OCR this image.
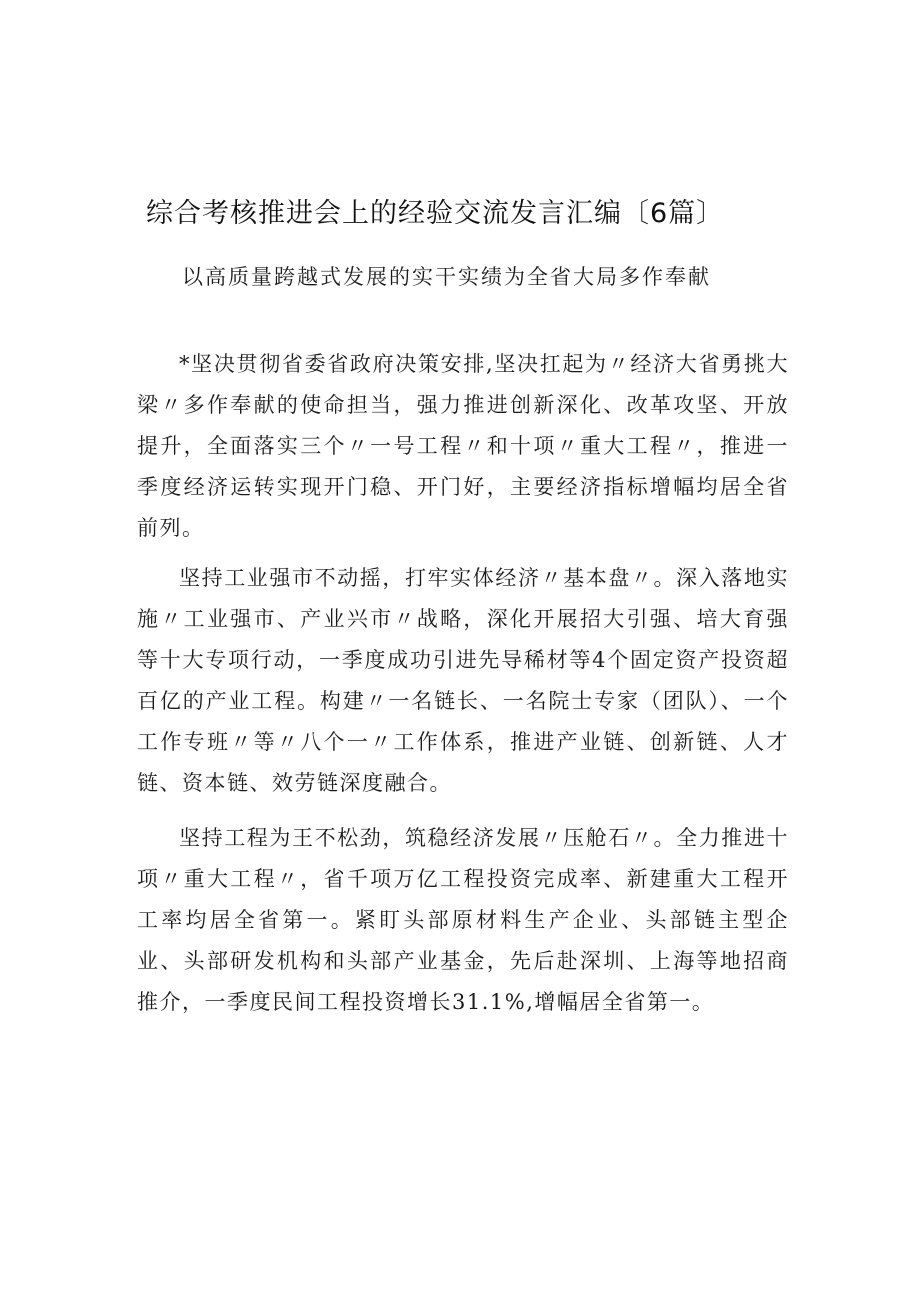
综合考核推进会上的经验交流发言汇编〔6篇〕
以高质量跨越式发展的实干实绩为全省大局多作奉献

*坚决贯彻省委省政府决策安排,坚决扛起为〃经济大省勇挑大梁〃多作奉献的使命担当，强力推进创新深化、改革攻坚、开放提升，全面落实三个〃一号工程〃和十项〃重大工程〃，推进一季度经济运转实现开门稳、开门好，主要经济指标增幅均居全省前列。

坚持工业强市不动摇，打牢实体经济〃基本盘〃。深入落地实施〃工业强市、产业兴市〃战略，深化开展招大引强、培大育强等十大专项行动，一季度成功引进先导稀材等4个固定资产投资超百亿的产业工程。构建〃一名链长、一名院士专家（团队）、一个工作专班〃等〃八个一〃工作体系，推进产业链、创新链、人才链、资本链、效劳链深度融合。

坚持工程为王不松劲，筑稳经济发展〃压舱石〃。全力推进十项〃重大工程〃，省千项万亿工程投资完成率、新建重大工程开工率均居全省第一。紧盯头部原材料生产企业、头部链主型企业、头部研发机构和头部产业基金，先后赴深圳、上海等地招商推介，一季度民间工程投资增长31.1%,增幅居全省第一。
